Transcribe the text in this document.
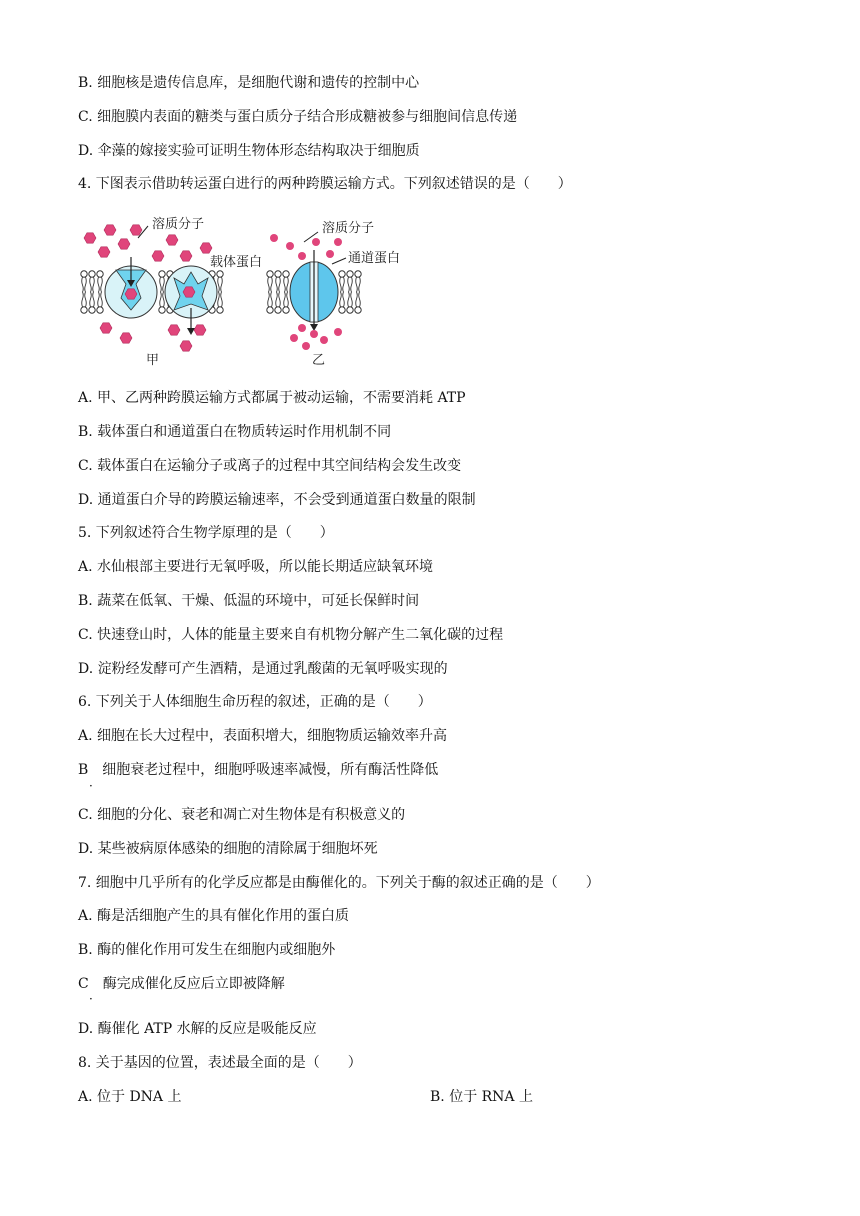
B. 细胞核是遗传信息库，是细胞代谢和遗传的控制中心
C. 细胞膜内表面的糖类与蛋白质分子结合形成糖被参与细胞间信息传递
D. 伞藻的嫁接实验可证明生物体形态结构取决于细胞质
4. 下图表示借助转运蛋白进行的两种跨膜运输方式。下列叙述错误的是（　　）
溶质分子
载体蛋白
甲
溶质分子
通道蛋白
乙
A. 甲、乙两种跨膜运输方式都属于被动运输，不需要消耗 ATP
B. 载体蛋白和通道蛋白在物质转运时作用机制不同
C. 载体蛋白在运输分子或离子的过程中其空间结构会发生改变
D. 通道蛋白介导的跨膜运输速率，不会受到通道蛋白数量的限制
5. 下列叙述符合生物学原理的是（　　）
A. 水仙根部主要进行无氧呼吸，所以能长期适应缺氧环境
B. 蔬菜在低氧、干燥、低温的环境中，可延长保鲜时间
C. 快速登山时，人体的能量主要来自有机物分解产生二氧化碳的过程
D. 淀粉经发酵可产生酒精，是通过乳酸菌的无氧呼吸实现的
6. 下列关于人体细胞生命历程的叙述，正确的是（　　）
A. 细胞在长大过程中，表面积增大，细胞物质运输效率升高
B　细胞衰老过程中，细胞呼吸速率减慢，所有酶活性降低
·
C. 细胞的分化、衰老和凋亡对生物体是有积极意义的
D. 某些被病原体感染的细胞的清除属于细胞坏死
7. 细胞中几乎所有的化学反应都是由酶催化的。下列关于酶的叙述正确的是（　　）
A. 酶是活细胞产生的具有催化作用的蛋白质
B. 酶的催化作用可发生在细胞内或细胞外
C　酶完成催化反应后立即被降解
·
D. 酶催化 ATP 水解的反应是吸能反应
8. 关于基因的位置，表述最全面的是（　　）
A. 位于 DNA 上	B. 位于 RNA 上
